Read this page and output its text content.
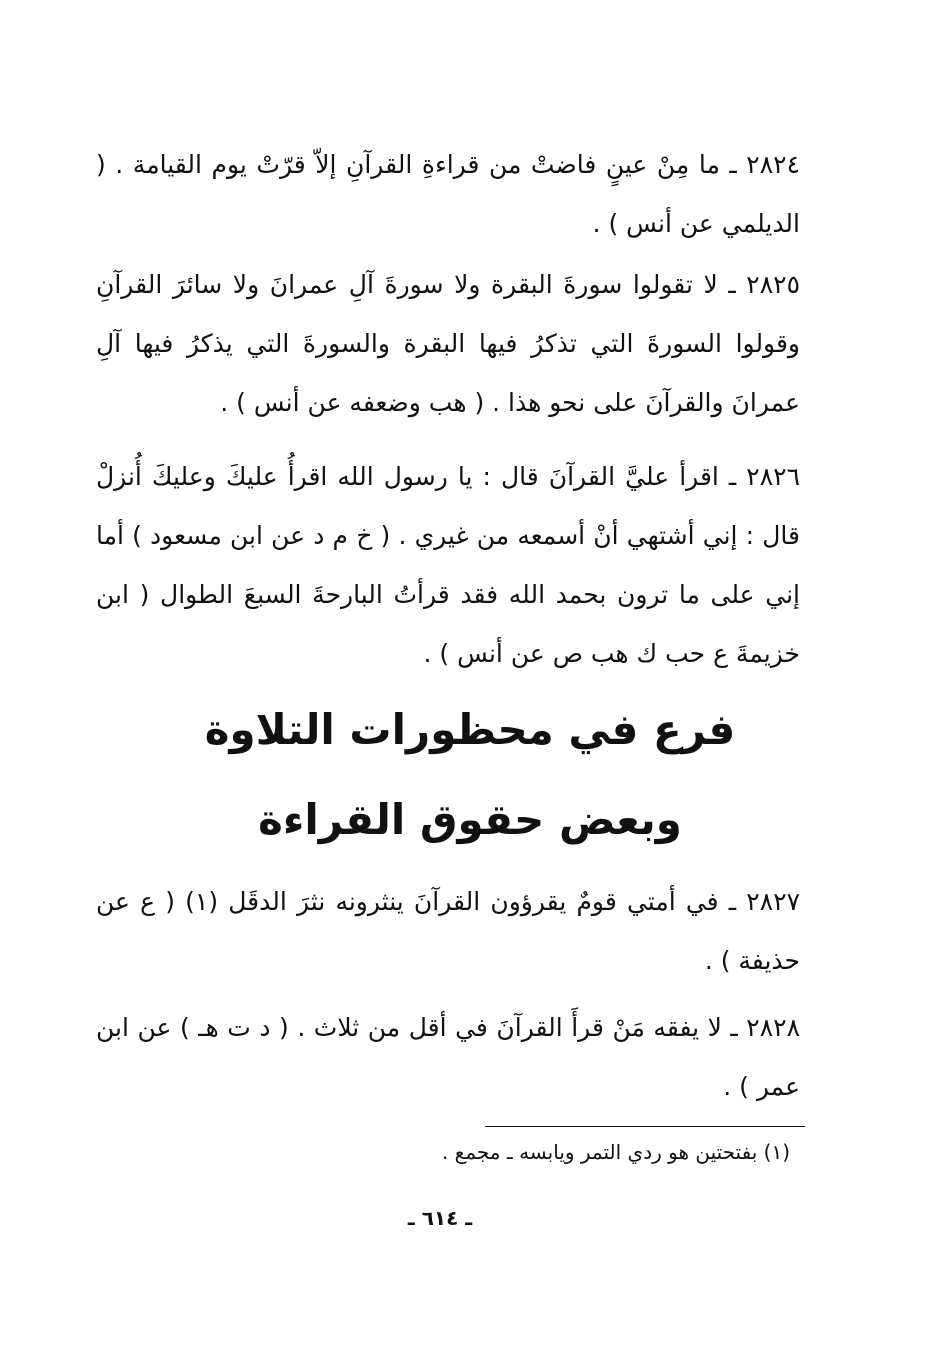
٢٨٢٤ ـ ما مِنْ عينٍ فاضتْ من قراءةِ القرآنِ إلاّ قرّتْ يوم القيامة . ( الديلمي عن أنس ) .

٢٨٢٥ ـ لا تقولوا سورةَ البقرة ولا سورةَ آلِ عمرانَ ولا سائرَ القرآنِ وقولوا السورةَ التي تذكرُ فيها البقرة والسورةَ التي يذكرُ فيها آلِ عمرانَ والقرآنَ على نحو هذا . ( هب وضعفه عن أنس ) .

٢٨٢٦ ـ اقرأ عليَّ القرآنَ قال : يا رسول الله اقرأُ عليكَ وعليكَ أُنزلْ قال : إني أشتهي أنْ أسمعه من غيري . ( خ م د عن ابن مسعود ) أما إني على ما ترون بحمد الله فقد قرأتُ البارحةَ السبعَ الطوال ( ابن خزيمةَ ع حب ك هب ص عن أنس ) .

فرع في محظورات التلاوة
وبعض حقوق القراءة

٢٨٢٧ ـ في أمتي قومٌ يقرؤون القرآنَ ينثرونه نثرَ الدقَل (١) ( ع عن حذيفة ) .

٢٨٢٨ ـ لا يفقه مَنْ قرأَ القرآنَ في أقل من ثلاث . ( د ت هـ ) عن ابن عمر ) .

(١) بفتحتين هو ردي التمر ويابسه ـ مجمع .

ـ ٦١٤ ـ
